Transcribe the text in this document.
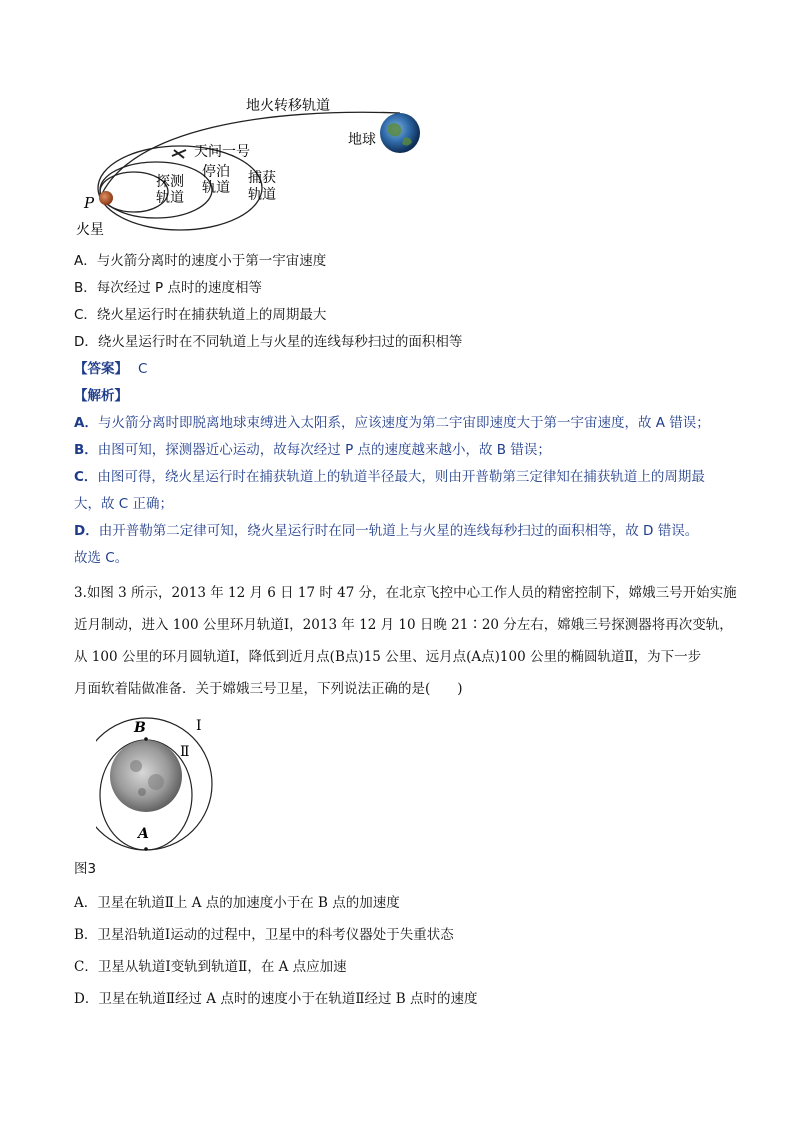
地火转移轨道
地球
天问一号
探测
轨道
停泊
轨道
捕获
轨道
P
火星
A．与火箭分离时的速度小于第一宇宙速度
B．每次经过 P 点时的速度相等
C．绕火星运行时在捕获轨道上的周期最大
D．绕火星运行时在不同轨道上与火星的连线每秒扫过的面积相等
【答案】 C
【解析】
A．与火箭分离时即脱离地球束缚进入太阳系，应该速度为第二宇宙即速度大于第一宇宙速度，故 A 错误；
B．由图可知，探测器近心运动，故每次经过 P 点的速度越来越小，故 B 错误；
C．由图可得，绕火星运行时在捕获轨道上的轨道半径最大，则由开普勒第三定律知在捕获轨道上的周期最
大，故 C 正确；
D．由开普勒第二定律可知，绕火星运行时在同一轨道上与火星的连线每秒扫过的面积相等，故 D 错误。
故选 C。
3.如图 3 所示，2013 年 12 月 6 日 17 时 47 分，在北京飞控中心工作人员的精密控制下，嫦娥三号开始实施
近月制动，进入 100 公里环月轨道Ⅰ，2013 年 12 月 10 日晚 21∶20 分左右，嫦娥三号探测器将再次变轨，
从 100 公里的环月圆轨道Ⅰ，降低到近月点(B点)15 公里、远月点(A点)100 公里的椭圆轨道Ⅱ，为下一步
月面软着陆做准备．关于嫦娥三号卫星，下列说法正确的是(　　)
B
A
Ⅰ
Ⅱ
图3
A．卫星在轨道Ⅱ上 A 点的加速度小于在 B 点的加速度
B．卫星沿轨道Ⅰ运动的过程中，卫星中的科考仪器处于失重状态
C．卫星从轨道Ⅰ变轨到轨道Ⅱ，在 A 点应加速
D．卫星在轨道Ⅱ经过 A 点时的速度小于在轨道Ⅱ经过 B 点时的速度
